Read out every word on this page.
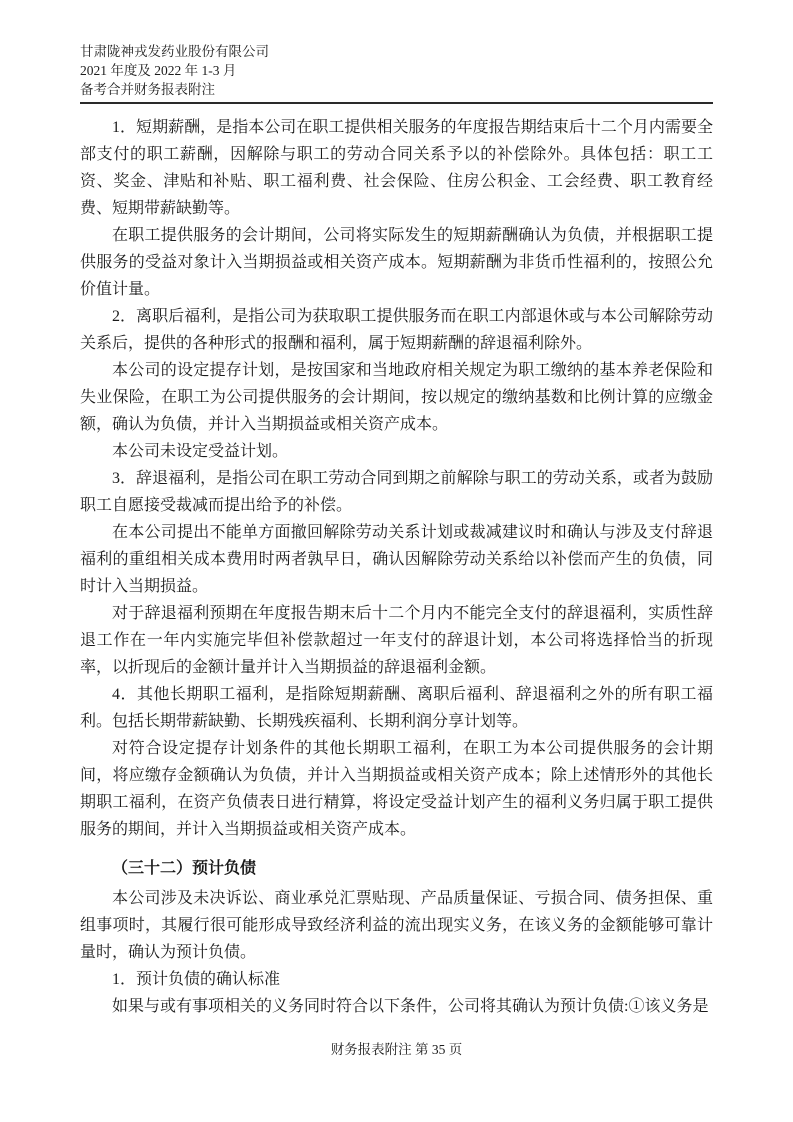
甘肃陇神戎发药业股份有限公司
2021 年度及 2022 年 1-3 月
备考合并财务报表附注

1．短期薪酬，是指本公司在职工提供相关服务的年度报告期结束后十二个月内需要全部支付的职工薪酬，因解除与职工的劳动合同关系予以的补偿除外。具体包括：职工工资、奖金、津贴和补贴、职工福利费、社会保险、住房公积金、工会经费、职工教育经费、短期带薪缺勤等。

在职工提供服务的会计期间，公司将实际发生的短期薪酬确认为负债，并根据职工提供服务的受益对象计入当期损益或相关资产成本。短期薪酬为非货币性福利的，按照公允价值计量。

2．离职后福利，是指公司为获取职工提供服务而在职工内部退休或与本公司解除劳动关系后，提供的各种形式的报酬和福利，属于短期薪酬的辞退福利除外。

本公司的设定提存计划，是按国家和当地政府相关规定为职工缴纳的基本养老保险和失业保险，在职工为公司提供服务的会计期间，按以规定的缴纳基数和比例计算的应缴金额，确认为负债，并计入当期损益或相关资产成本。

本公司未设定受益计划。

3．辞退福利，是指公司在职工劳动合同到期之前解除与职工的劳动关系，或者为鼓励职工自愿接受裁减而提出给予的补偿。

在本公司提出不能单方面撤回解除劳动关系计划或裁减建议时和确认与涉及支付辞退福利的重组相关成本费用时两者孰早日，确认因解除劳动关系给以补偿而产生的负债，同时计入当期损益。

对于辞退福利预期在年度报告期末后十二个月内不能完全支付的辞退福利，实质性辞退工作在一年内实施完毕但补偿款超过一年支付的辞退计划，本公司将选择恰当的折现率，以折现后的金额计量并计入当期损益的辞退福利金额。

4．其他长期职工福利，是指除短期薪酬、离职后福利、辞退福利之外的所有职工福利。包括长期带薪缺勤、长期残疾福利、长期利润分享计划等。

对符合设定提存计划条件的其他长期职工福利，在职工为本公司提供服务的会计期间，将应缴存金额确认为负债，并计入当期损益或相关资产成本；除上述情形外的其他长期职工福利，在资产负债表日进行精算，将设定受益计划产生的福利义务归属于职工提供服务的期间，并计入当期损益或相关资产成本。

（三十二）预计负债

本公司涉及未决诉讼、商业承兑汇票贴现、产品质量保证、亏损合同、债务担保、重组事项时，其履行很可能形成导致经济利益的流出现实义务，在该义务的金额能够可靠计量时，确认为预计负债。

1．预计负债的确认标准

如果与或有事项相关的义务同时符合以下条件，公司将其确认为预计负债:①该义务是

财务报表附注 第 35 页
